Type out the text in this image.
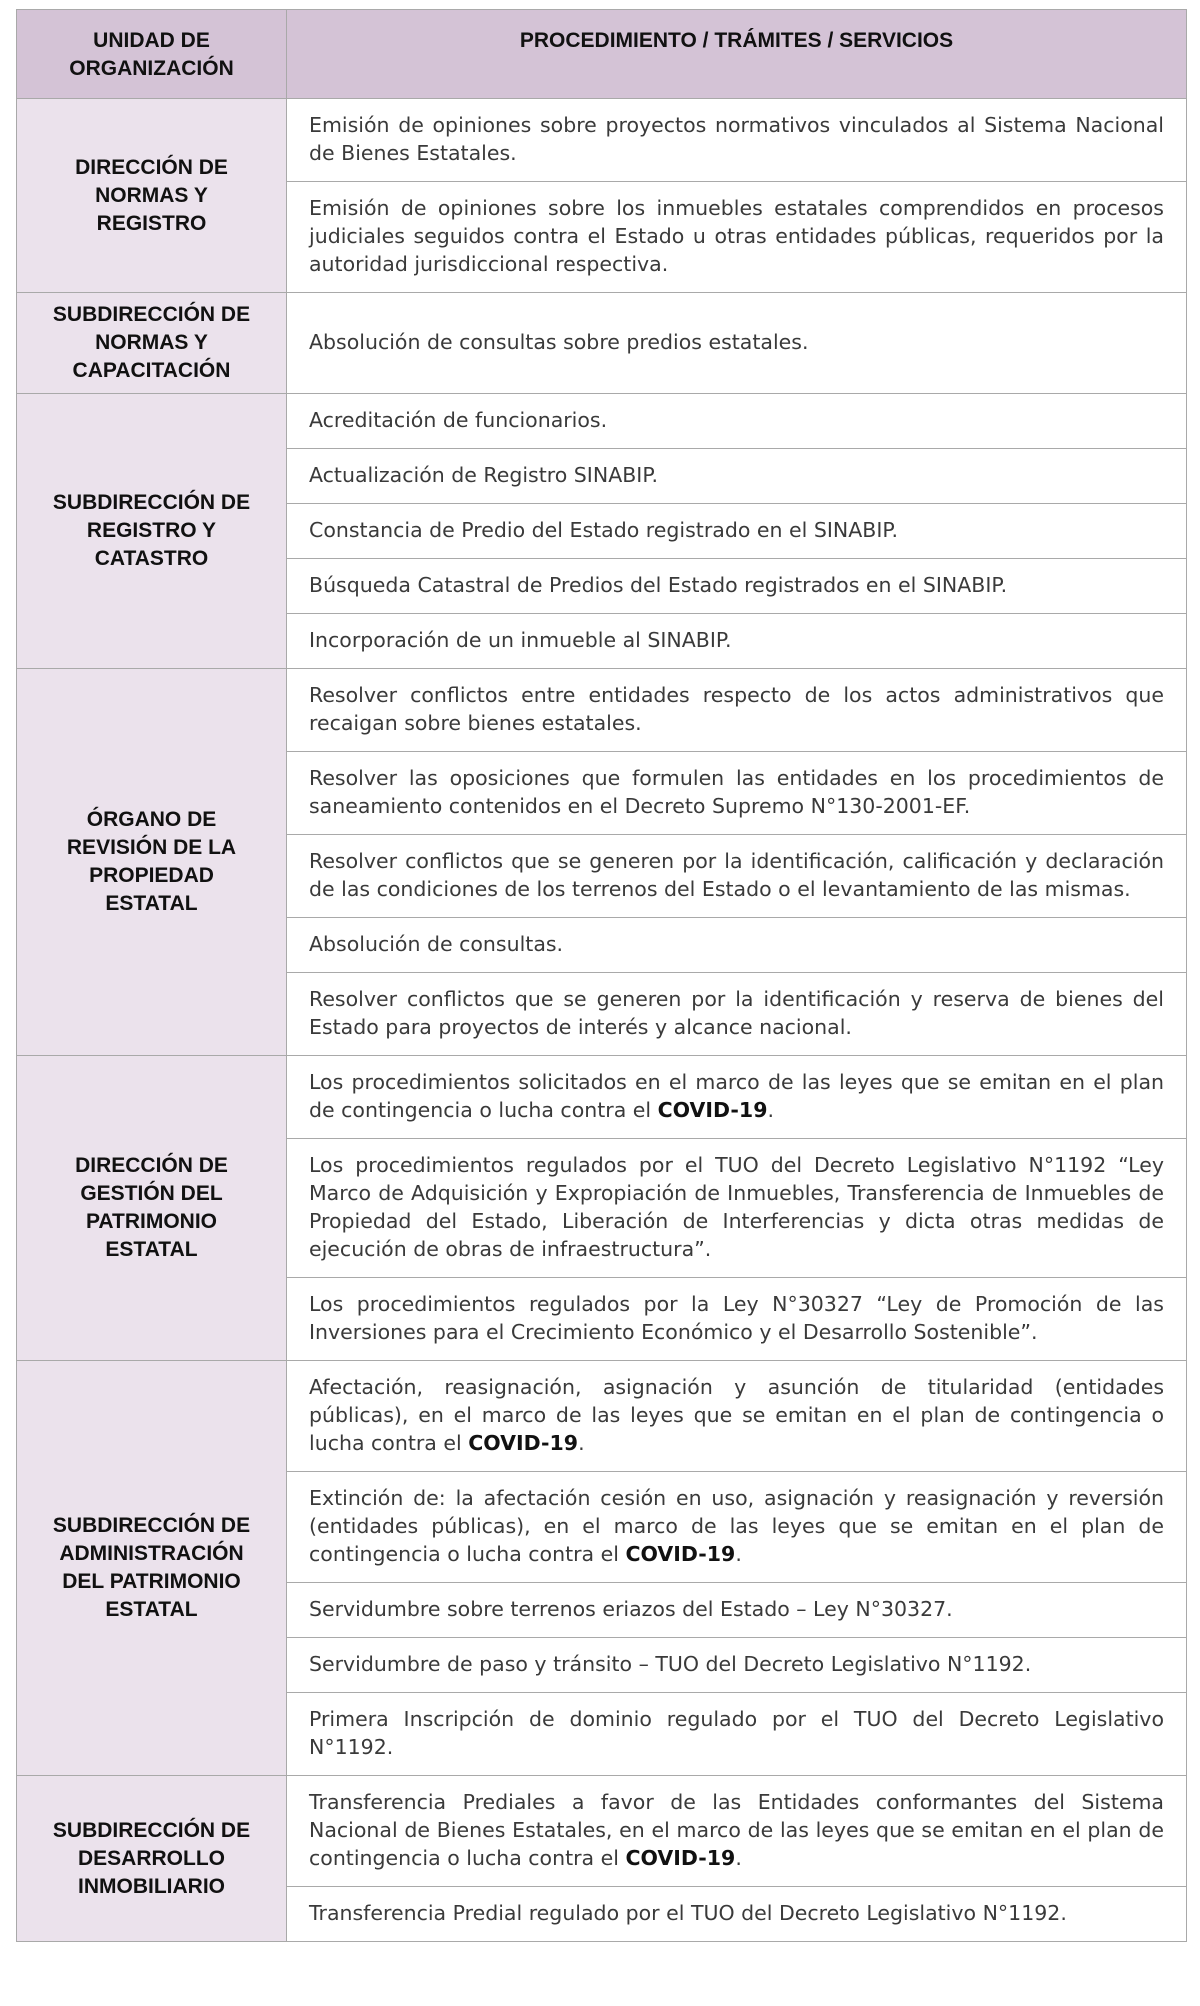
UNIDAD DE
ORGANIZACIÓN	PROCEDIMIENTO / TRÁMITES / SERVICIOS
DIRECCIÓN DE
NORMAS Y
REGISTRO	Emisión de opiniones sobre proyectos normativos vinculados al Sistema Nacional de Bienes Estatales.
	Emisión de opiniones sobre los inmuebles estatales comprendidos en procesos judiciales seguidos contra el Estado u otras entidades públicas, requeridos por la autoridad jurisdiccional respectiva.
SUBDIRECCIÓN DE
NORMAS Y
CAPACITACIÓN	Absolución de consultas sobre predios estatales.
SUBDIRECCIÓN DE
REGISTRO Y
CATASTRO	Acreditación de funcionarios.
	Actualización de Registro SINABIP.
	Constancia de Predio del Estado registrado en el SINABIP.
	Búsqueda Catastral de Predios del Estado registrados en el SINABIP.
	Incorporación de un inmueble al SINABIP.
ÓRGANO DE
REVISIÓN DE LA
PROPIEDAD
ESTATAL	Resolver conflictos entre entidades respecto de los actos administrativos que recaigan sobre bienes estatales.
	Resolver las oposiciones que formulen las entidades en los procedimientos de saneamiento contenidos en el Decreto Supremo N°130-2001-EF.
	Resolver conflictos que se generen por la identificación, calificación y declaración de las condiciones de los terrenos del Estado o el levantamiento de las mismas.
	Absolución de consultas.
	Resolver conflictos que se generen por la identificación y reserva de bienes del Estado para proyectos de interés y alcance nacional.
DIRECCIÓN DE
GESTIÓN DEL
PATRIMONIO
ESTATAL	Los procedimientos solicitados en el marco de las leyes que se emitan en el plan de contingencia o lucha contra el COVID-19.
	Los procedimientos regulados por el TUO del Decreto Legislativo N°1192 “Ley Marco de Adquisición y Expropiación de Inmuebles, Transferencia de Inmuebles de Propiedad del Estado, Liberación de Interferencias y dicta otras medidas de ejecución de obras de infraestructura”.
	Los procedimientos regulados por la Ley N°30327 “Ley de Promoción de las Inversiones para el Crecimiento Económico y el Desarrollo Sostenible”.
SUBDIRECCIÓN DE
ADMINISTRACIÓN
DEL PATRIMONIO
ESTATAL	Afectación, reasignación, asignación y asunción de titularidad (entidades públicas), en el marco de las leyes que se emitan en el plan de contingencia o lucha contra el COVID-19.
	Extinción de: la afectación cesión en uso, asignación y reasignación y reversión (entidades públicas), en el marco de las leyes que se emitan en el plan de contingencia o lucha contra el COVID-19.
	Servidumbre sobre terrenos eriazos del Estado – Ley N°30327.
	Servidumbre de paso y tránsito – TUO del Decreto Legislativo N°1192.
	Primera Inscripción de dominio regulado por el TUO del Decreto Legislativo N°1192.
SUBDIRECCIÓN DE
DESARROLLO
INMOBILIARIO	Transferencia Prediales a favor de las Entidades conformantes del Sistema Nacional de Bienes Estatales, en el marco de las leyes que se emitan en el plan de contingencia o lucha contra el COVID-19.
	Transferencia Predial regulado por el TUO del Decreto Legislativo N°1192.
